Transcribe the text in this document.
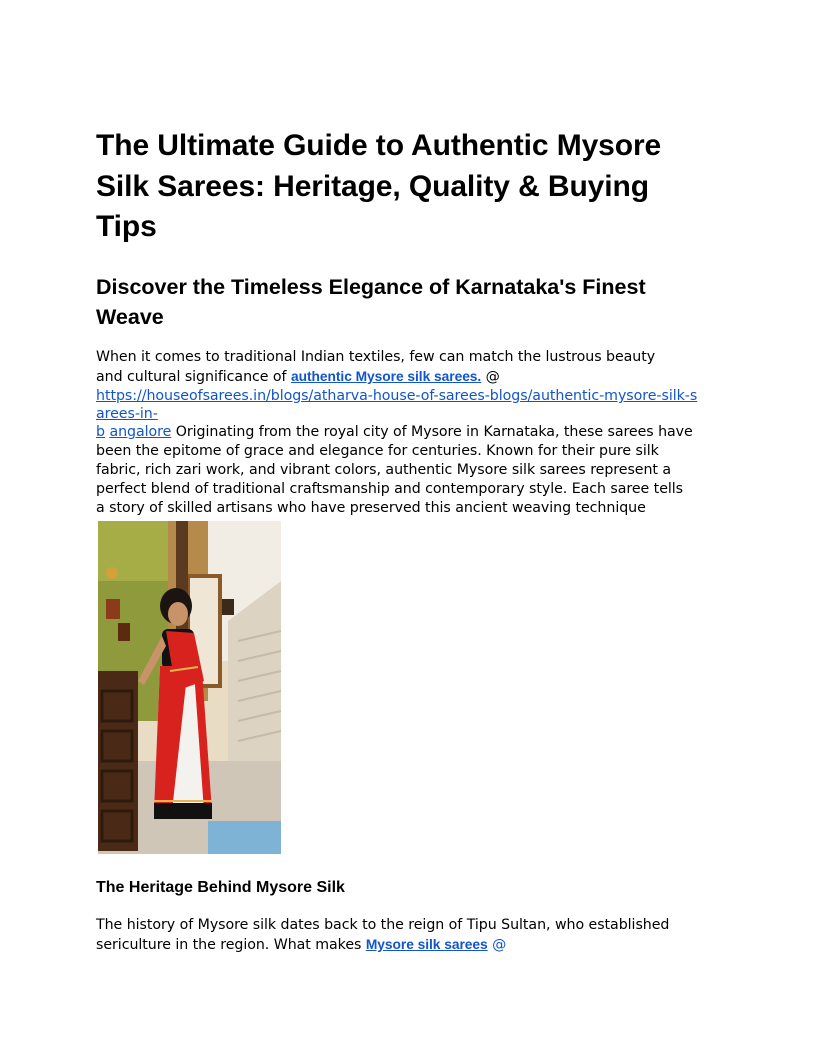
The Ultimate Guide to Authentic Mysore Silk Sarees: Heritage, Quality & Buying Tips
Discover the Timeless Elegance of Karnataka's Finest Weave
When it comes to traditional Indian textiles, few can match the lustrous beauty
and cultural significance of authentic Mysore silk sarees. @
https://houseofsarees.in/blogs/atharva-house-of-sarees-blogs/authentic-mysore-silk-s
arees-in-
b angalore Originating from the royal city of Mysore in Karnataka, these sarees have
been the epitome of grace and elegance for centuries. Known for their pure silk
fabric, rich zari work, and vibrant colors, authentic Mysore silk sarees represent a
perfect blend of traditional craftsmanship and contemporary style. Each saree tells
a story of skilled artisans who have preserved this ancient weaving technique
The Heritage Behind Mysore Silk
The history of Mysore silk dates back to the reign of Tipu Sultan, who established
sericulture in the region. What makes Mysore silk sarees @
